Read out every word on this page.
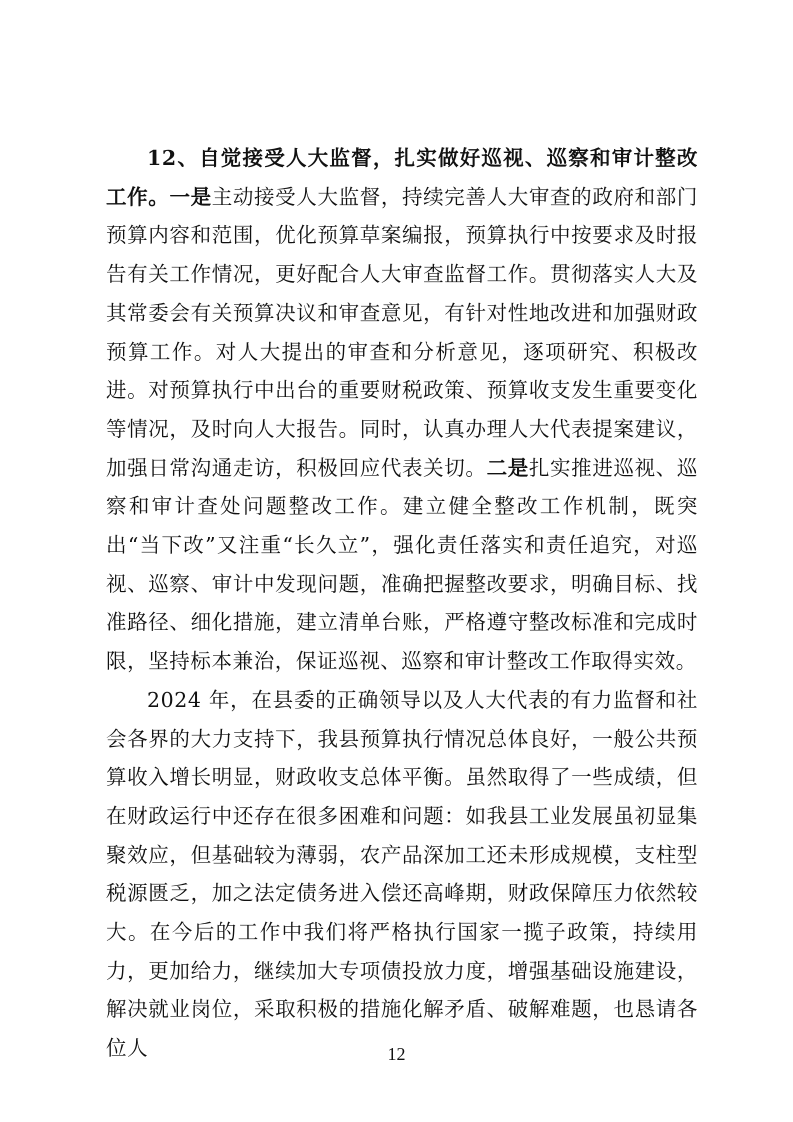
12、自觉接受人大监督，扎实做好巡视、巡察和审计整改工作。一是主动接受人大监督，持续完善人大审查的政府和部门预算内容和范围，优化预算草案编报，预算执行中按要求及时报告有关工作情况，更好配合人大审查监督工作。贯彻落实人大及其常委会有关预算决议和审查意见，有针对性地改进和加强财政预算工作。对人大提出的审查和分析意见，逐项研究、积极改进。对预算执行中出台的重要财税政策、预算收支发生重要变化等情况，及时向人大报告。同时，认真办理人大代表提案建议，加强日常沟通走访，积极回应代表关切。二是扎实推进巡视、巡察和审计查处问题整改工作。建立健全整改工作机制，既突出“当下改”又注重“长久立”，强化责任落实和责任追究，对巡视、巡察、审计中发现问题，准确把握整改要求，明确目标、找准路径、细化措施，建立清单台账，严格遵守整改标准和完成时限，坚持标本兼治，保证巡视、巡察和审计整改工作取得实效。

2024 年，在县委的正确领导以及人大代表的有力监督和社会各界的大力支持下，我县预算执行情况总体良好，一般公共预算收入增长明显，财政收支总体平衡。虽然取得了一些成绩，但在财政运行中还存在很多困难和问题：如我县工业发展虽初显集聚效应，但基础较为薄弱，农产品深加工还未形成规模，支柱型税源匮乏，加之法定债务进入偿还高峰期，财政保障压力依然较大。在今后的工作中我们将严格执行国家一揽子政策，持续用力，更加给力，继续加大专项债投放力度，增强基础设施建设，解决就业岗位，采取积极的措施化解矛盾、破解难题，也恳请各位人	12
